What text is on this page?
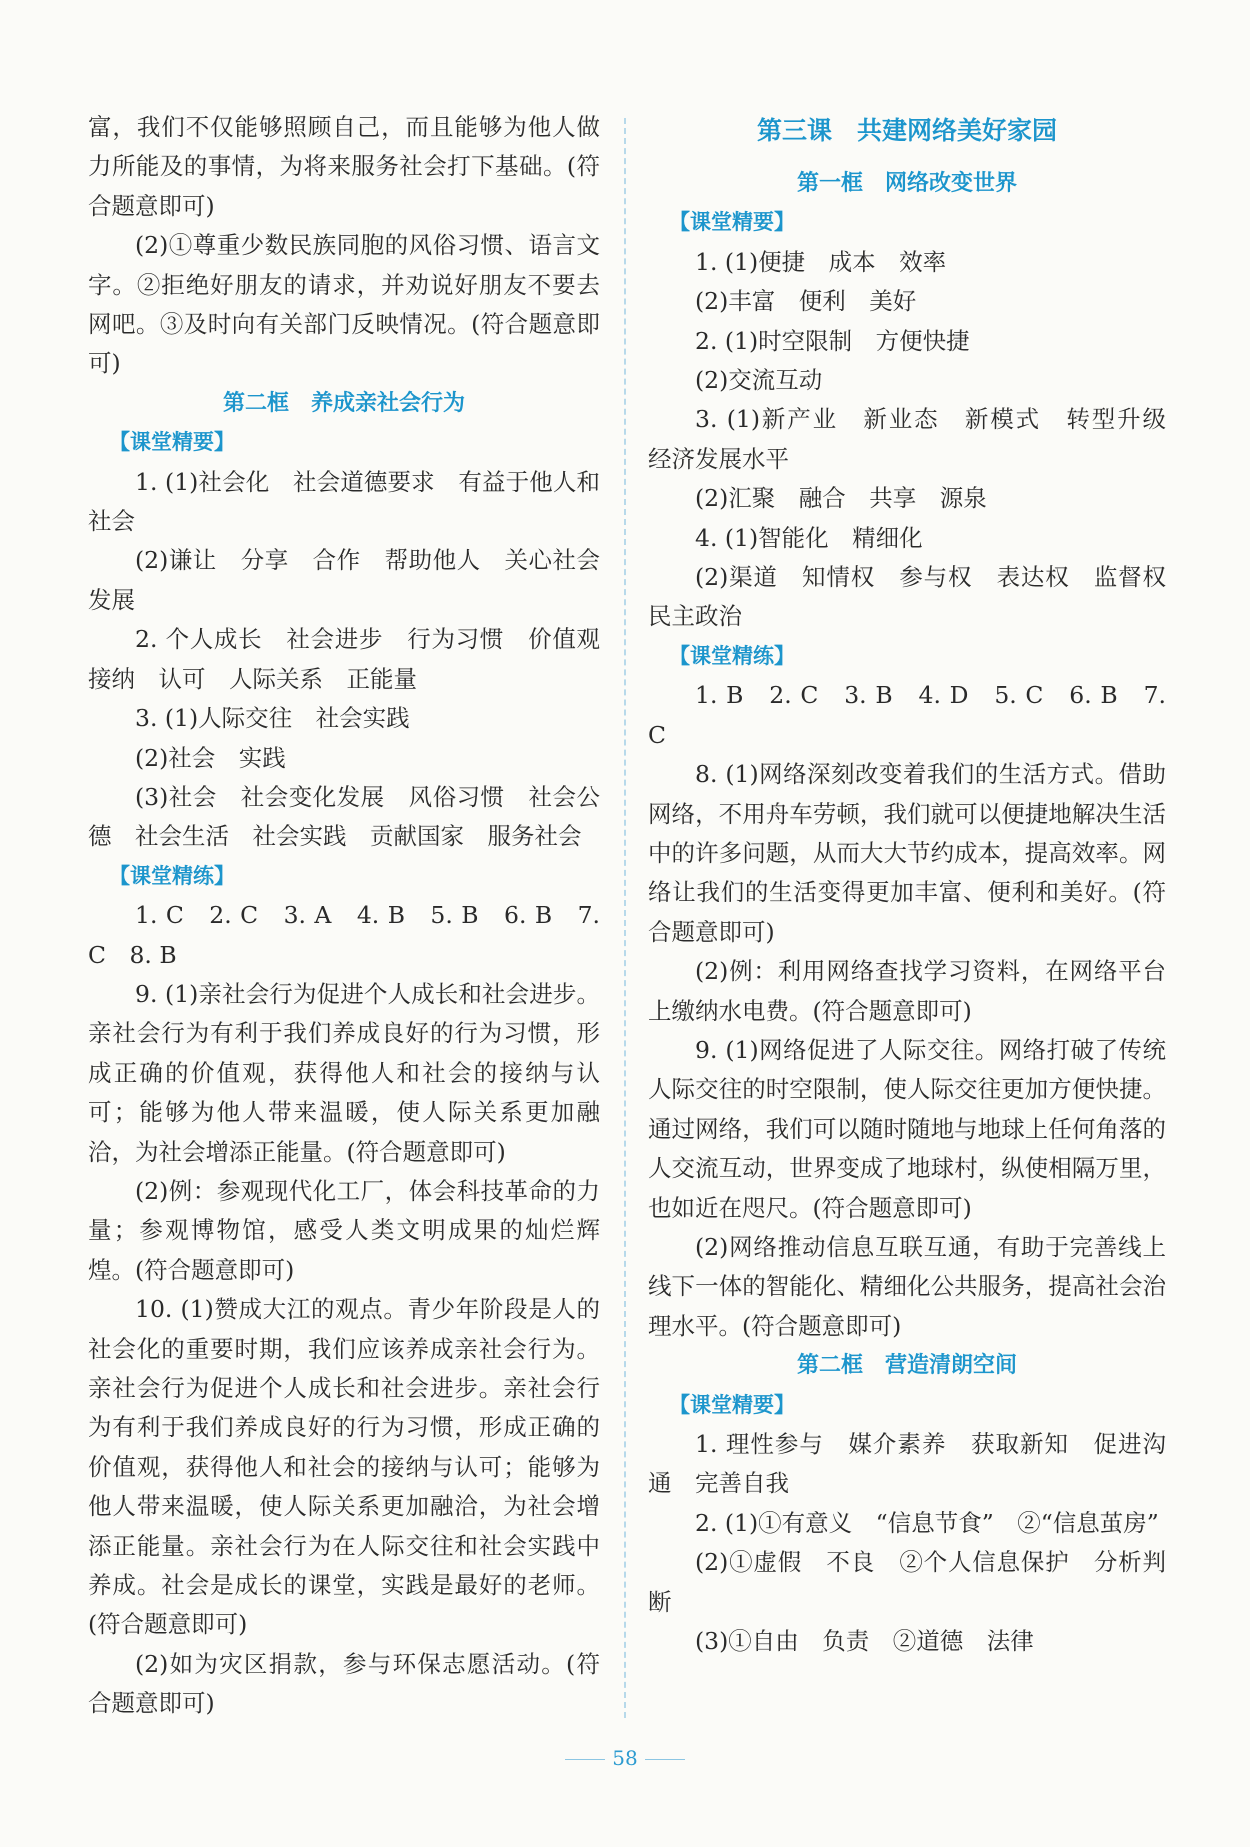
富，我们不仅能够照顾自己，而且能够为他人做力所能及的事情，为将来服务社会打下基础。(符合题意即可)

(2)①尊重少数民族同胞的风俗习惯、语言文字。②拒绝好朋友的请求，并劝说好朋友不要去网吧。③及时向有关部门反映情况。(符合题意即可)

第二框　养成亲社会行为

【课堂精要】

1. (1)社会化　社会道德要求　有益于他人和社会

(2)谦让　分享　合作　帮助他人　关心社会发展

2. 个人成长　社会进步　行为习惯　价值观　接纳　认可　人际关系　正能量

3. (1)人际交往　社会实践

(2)社会　实践

(3)社会　社会变化发展　风俗习惯　社会公德　社会生活　社会实践　贡献国家　服务社会

【课堂精练】

1. C　2. C　3. A　4. B　5. B　6. B　7. C　8. B

9. (1)亲社会行为促进个人成长和社会进步。亲社会行为有利于我们养成良好的行为习惯，形成正确的价值观，获得他人和社会的接纳与认可；能够为他人带来温暖，使人际关系更加融洽，为社会增添正能量。(符合题意即可)

(2)例：参观现代化工厂，体会科技革命的力量；参观博物馆，感受人类文明成果的灿烂辉煌。(符合题意即可)

10. (1)赞成大江的观点。青少年阶段是人的社会化的重要时期，我们应该养成亲社会行为。亲社会行为促进个人成长和社会进步。亲社会行为有利于我们养成良好的行为习惯，形成正确的价值观，获得他人和社会的接纳与认可；能够为他人带来温暖，使人际关系更加融洽，为社会增添正能量。亲社会行为在人际交往和社会实践中养成。社会是成长的课堂，实践是最好的老师。(符合题意即可)

(2)如为灾区捐款，参与环保志愿活动。(符合题意即可)

第三课　共建网络美好家园

第一框　网络改变世界

【课堂精要】

1. (1)便捷　成本　效率

(2)丰富　便利　美好

2. (1)时空限制　方便快捷

(2)交流互动

3. (1)新产业　新业态　新模式　转型升级　经济发展水平

(2)汇聚　融合　共享　源泉

4. (1)智能化　精细化

(2)渠道　知情权　参与权　表达权　监督权　民主政治

【课堂精练】

1. B　2. C　3. B　4. D　5. C　6. B　7. C

8. (1)网络深刻改变着我们的生活方式。借助网络，不用舟车劳顿，我们就可以便捷地解决生活中的许多问题，从而大大节约成本，提高效率。网络让我们的生活变得更加丰富、便利和美好。(符合题意即可)

(2)例：利用网络查找学习资料，在网络平台上缴纳水电费。(符合题意即可)

9. (1)网络促进了人际交往。网络打破了传统人际交往的时空限制，使人际交往更加方便快捷。通过网络，我们可以随时随地与地球上任何角落的人交流互动，世界变成了地球村，纵使相隔万里，也如近在咫尺。(符合题意即可)

(2)网络推动信息互联互通，有助于完善线上线下一体的智能化、精细化公共服务，提高社会治理水平。(符合题意即可)

第二框　营造清朗空间

【课堂精要】

1. 理性参与　媒介素养　获取新知　促进沟通　完善自我

2. (1)①有意义　“信息节食”　②“信息茧房”

(2)①虚假　不良　②个人信息保护　分析判断

(3)①自由　负责　②道德　法律

58
